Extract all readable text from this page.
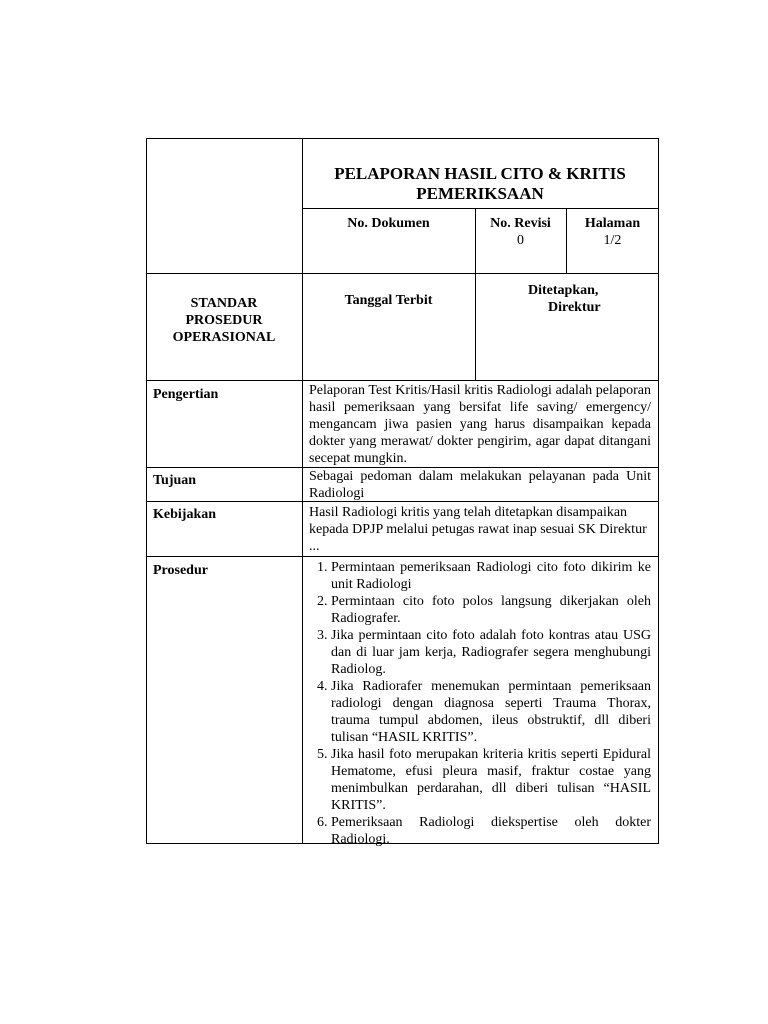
PELAPORAN HASIL CITO & KRITIS PEMERIKSAAN
No. Dokumen	No. Revisi
0
Halaman
1/2
STANDAR
PROSEDUR
OPERASIONAL
Tanggal Terbit
Ditetapkan,
Direktur
Pengertian	Pelaporan Test Kritis/Hasil kritis Radiologi adalah pelaporan hasil pemeriksaan yang bersifat life saving/ emergency/ mengancam jiwa pasien yang harus disampaikan kepada dokter yang merawat/ dokter pengirim, agar dapat ditangani secepat mungkin.
Tujuan	Sebagai pedoman dalam melakukan pelayanan pada Unit Radiologi
Kebijakan	Hasil Radiologi kritis yang telah ditetapkan disampaikan kepada DPJP melalui petugas rawat inap sesuai SK Direktur ...
Prosedur
1.	Permintaan pemeriksaan Radiologi cito foto dikirim ke unit Radiologi
2. Permintaan cito foto polos langsung dikerjakan oleh Radiografer.
3. Jika permintaan cito foto adalah foto kontras atau USG dan di luar jam kerja, Radiografer segera menghubungi Radiolog.
4. Jika Radiorafer menemukan permintaan pemeriksaan radiologi dengan diagnosa seperti Trauma Thorax, trauma tumpul abdomen, ileus obstruktif, dll diberi tulisan “HASIL KRITIS”.
5. Jika hasil foto merupakan kriteria kritis seperti Epidural Hematome, efusi pleura masif, fraktur costae yang menimbulkan perdarahan, dll diberi tulisan “HASIL KRITIS”.
6. Pemeriksaan Radiologi diekspertise oleh dokter Radiologi.
